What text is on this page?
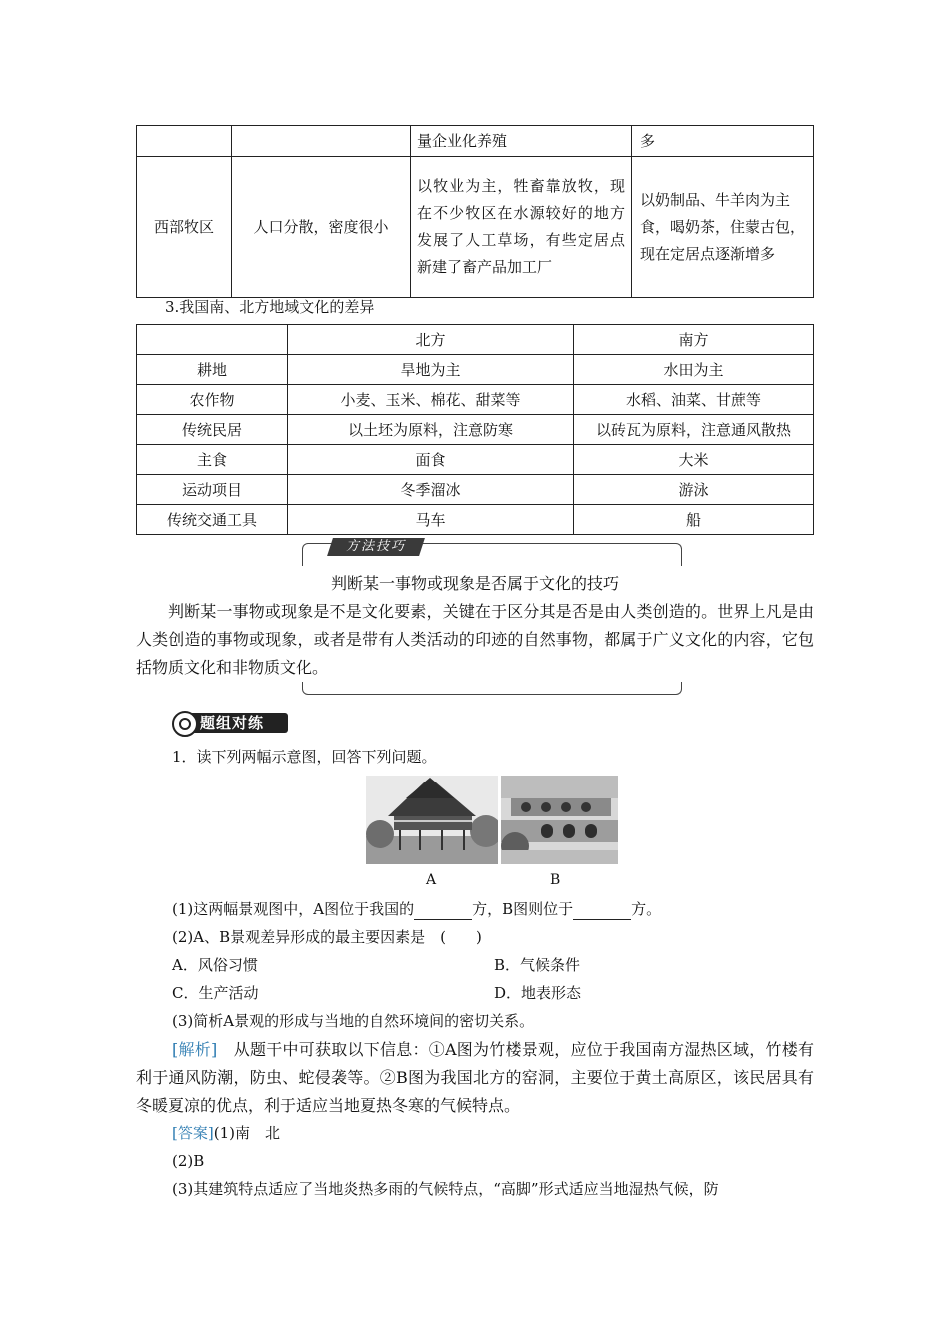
		量企业化养殖	多
西部牧区	人口分散，密度很小	以牧业为主，牲畜靠放牧，现在不少牧区在水源较好的地方发展了人工草场，有些定居点新建了畜产品加工厂	以奶制品、牛羊肉为主食，喝奶茶，住蒙古包，现在定居点逐渐增多
3.我国南、北方地域文化的差异
	北方	南方
耕地	旱地为主	水田为主
农作物	小麦、玉米、棉花、甜菜等	水稻、油菜、甘蔗等
传统民居	以土坯为原料，注意防寒	以砖瓦为原料，注意通风散热
主食	面食	大米
运动项目	冬季溜冰	游泳
传统交通工具	马车	船
方法技巧
判断某一事物或现象是否属于文化的技巧
判断某一事物或现象是不是文化要素，关键在于区分其是否是由人类创造的。世界上凡是由人类创造的事物或现象，或者是带有人类活动的印迹的自然事物，都属于广义文化的内容，它包括物质文化和非物质文化。
题组对练
1．读下列两幅示意图，回答下列问题。
A	B
(1)这两幅景观图中，A图位于我国的	方，B图则位于	方。
(2)A、B景观差异形成的最主要因素是　(　　)
A．风俗习惯	B．气候条件
C．生产活动	D．地表形态
(3)简析A景观的形成与当地的自然环境间的密切关系。
[解析]　从题干中可获取以下信息：①A图为竹楼景观，应位于我国南方湿热区域，竹楼有利于通风防潮，防虫、蛇侵袭等。②B图为我国北方的窑洞，主要位于黄土高原区，该民居具有冬暖夏凉的优点，利于适应当地夏热冬寒的气候特点。
[答案](1)南　北
(2)B
(3)其建筑特点适应了当地炎热多雨的气候特点，“高脚”形式适应当地湿热气候，防
